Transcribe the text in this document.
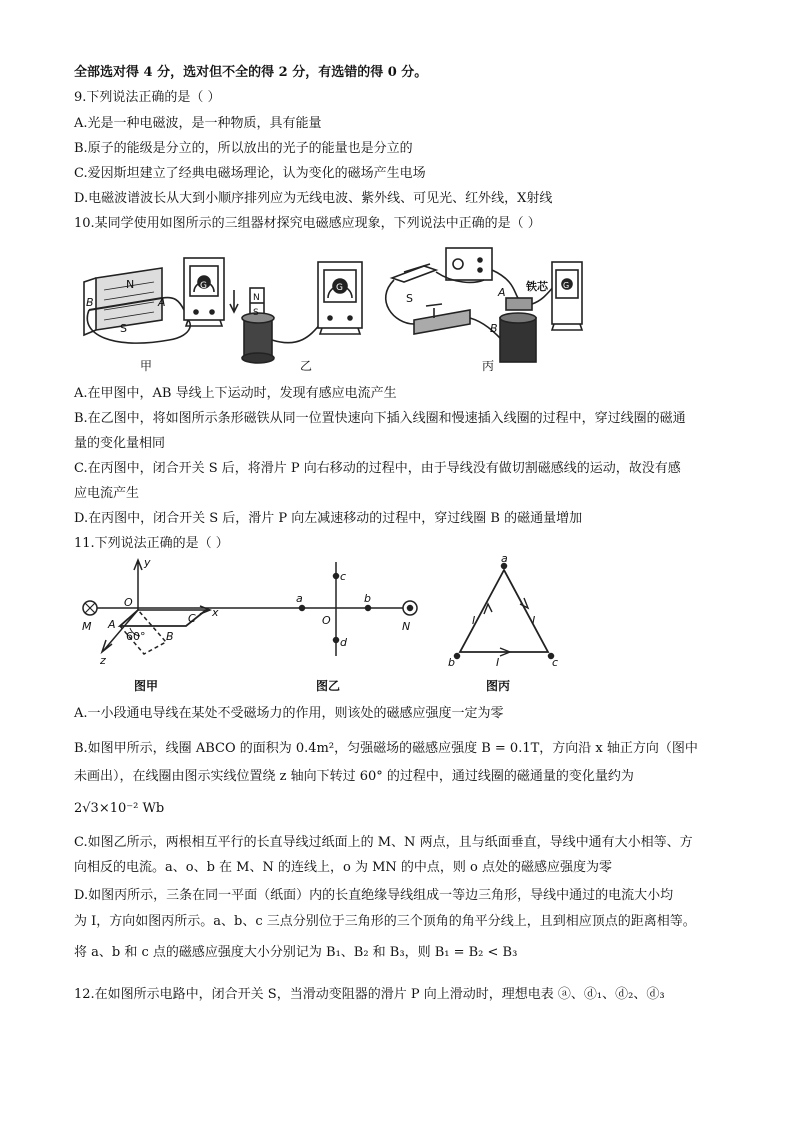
全部选对得 4 分，选对但不全的得 2 分，有选错的得 0 分。
9.下列说法正确的是（ ）
A.光是一种电磁波，是一种物质，具有能量
B.原子的能级是分立的，所以放出的光子的能量也是分立的
C.爱因斯坦建立了经典电磁场理论，认为变化的磁场产生电场
D.电磁波谱波长从大到小顺序排列应为无线电波、紫外线、可见光、红外线，X射线
10.某同学使用如图所示的三组器材探究电磁感应现象，下列说法中正确的是（ ）
B	A
N
S
G
N
S
G
S	A
B
铁芯 G
甲	乙	丙
A.在甲图中，AB 导线上下运动时，发现有感应电流产生
B.在乙图中，将如图所示条形磁铁从同一位置快速向下插入线圈和慢速插入线圈的过程中，穿过线圈的磁通
量的变化量相同
C.在丙图中，闭合开关 S 后，将滑片 P 向右移动的过程中，由于导线没有做切割磁感线的运动，故没有感
应电流产生
D.在丙图中，闭合开关 S 后，滑片 P 向左减速移动的过程中，穿过线圈 B 的磁通量增加
11.下列说法正确的是（ ）
y
x
z
O
A
B
C
60°
M	N
a	b
c
d
O
a
b	c
I	I
I
图甲	图乙	图丙
A.一小段通电导线在某处不受磁场力的作用，则该处的磁感应强度一定为零
B.如图甲所示，线圈 ABCO 的面积为 0.4m²，匀强磁场的磁感应强度 B = 0.1T，方向沿 x 轴正方向（图中
未画出），在线圈由图示实线位置绕 z 轴向下转过 60° 的过程中，通过线圈的磁通量的变化量约为
2√3×10⁻² Wb
C.如图乙所示，两根相互平行的长直导线过纸面上的 M、N 两点，且与纸面垂直，导线中通有大小相等、方
向相反的电流。a、o、b 在 M、N 的连线上，o 为 MN 的中点，则 o 点处的磁感应强度为零
D.如图丙所示，三条在同一平面（纸面）内的长直绝缘导线组成一等边三角形，导线中通过的电流大小均
为 I，方向如图丙所示。a、b、c 三点分别位于三角形的三个顶角的角平分线上，且到相应顶点的距离相等。
将 a、b 和 c 点的磁感应强度大小分别记为 B₁、B₂ 和 B₃，则 B₁ = B₂ < B₃
12.在如图所示电路中，闭合开关 S，当滑动变阻器的滑片 P 向上滑动时，理想电表 ⓐ、ⓓ₁、ⓓ₂、ⓓ₃
